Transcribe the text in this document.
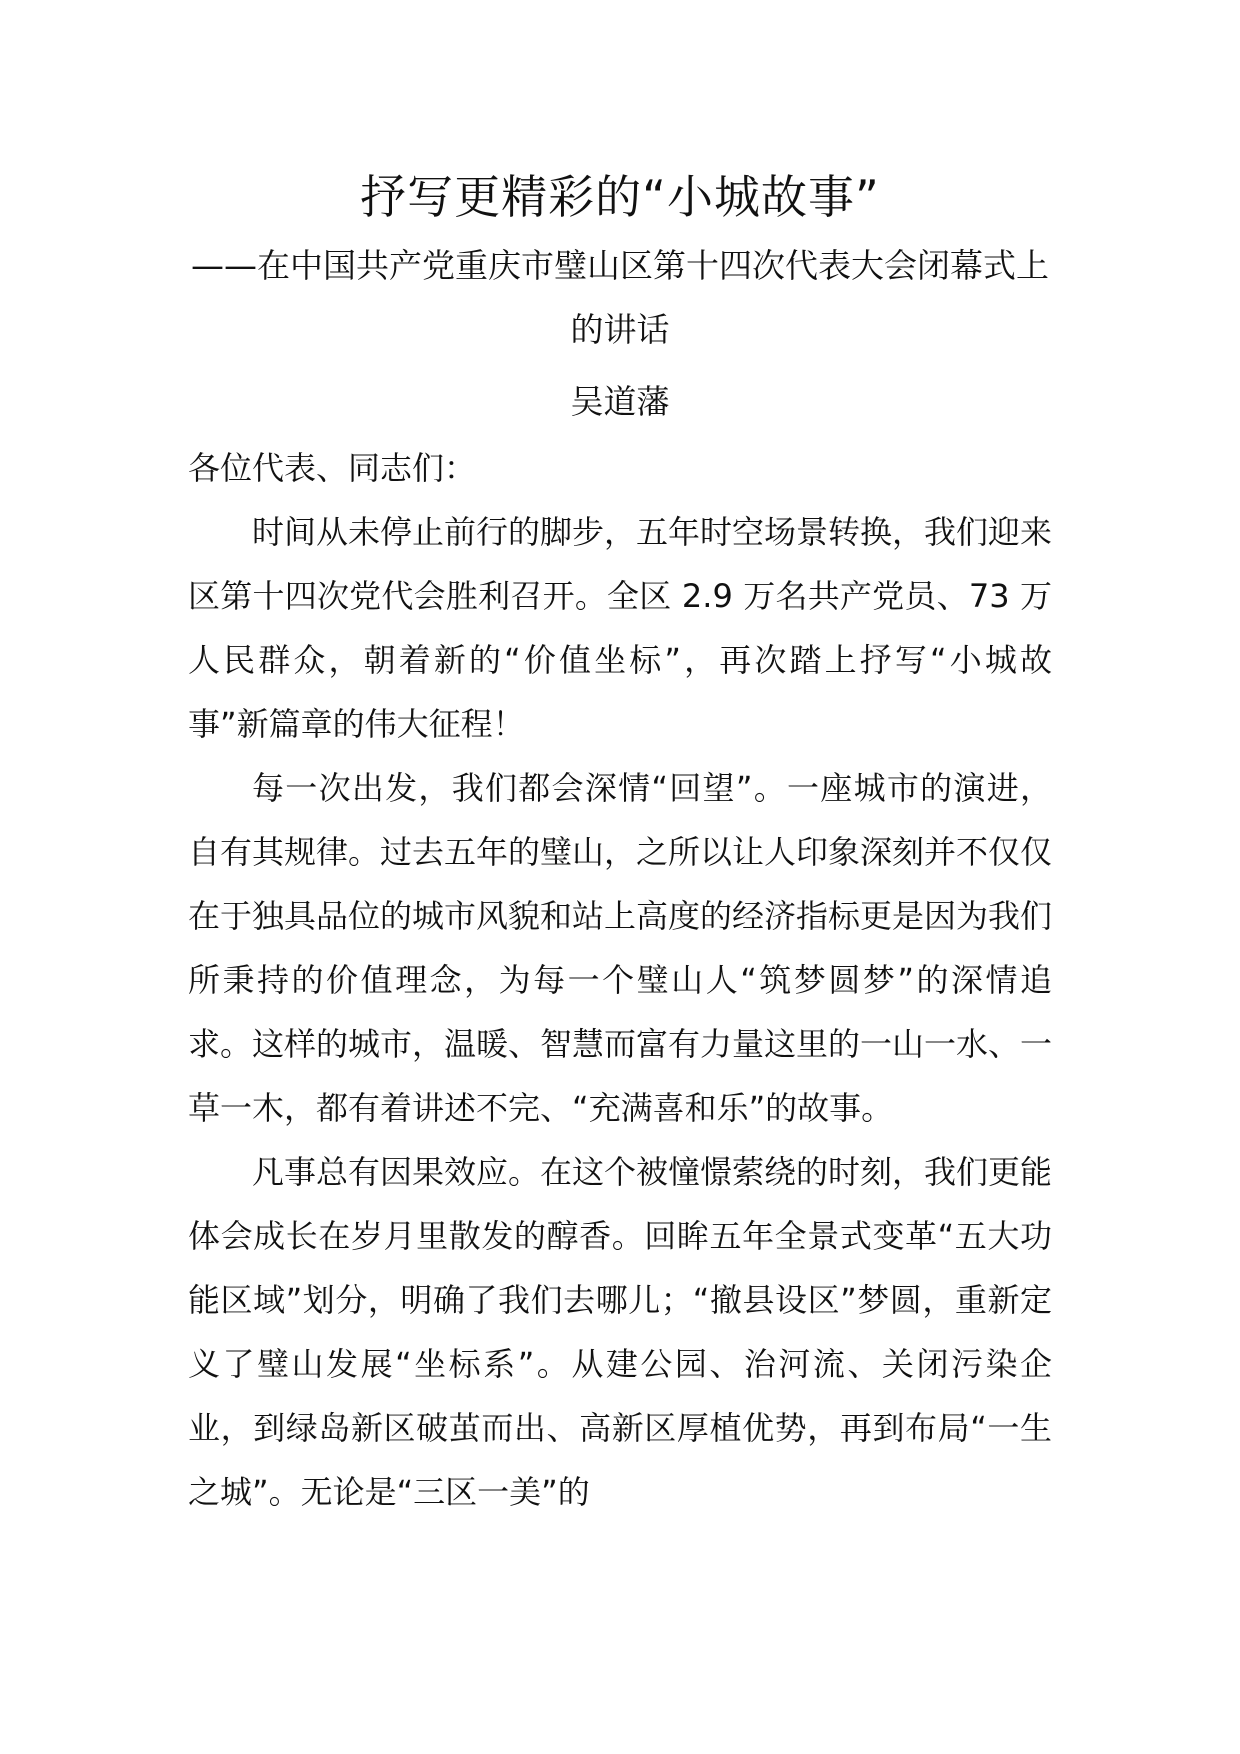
抒写更精彩的“小城故事”
——在中国共产党重庆市璧山区第十四次代表大会闭幕式上的讲话
吴道藩

各位代表、同志们：

时间从未停止前行的脚步，五年时空场景转换，我们迎来区第十四次党代会胜利召开。全区 2.9 万名共产党员、73 万人民群众，朝着新的“价值坐标”，再次踏上抒写“小城故事”新篇章的伟大征程！

每一次出发，我们都会深情“回望”。一座城市的演进，自有其规律。过去五年的璧山，之所以让人印象深刻并不仅仅在于独具品位的城市风貌和站上高度的经济指标更是因为我们所秉持的价值理念，为每一个璧山人“筑梦圆梦”的深情追求。这样的城市，温暖、智慧而富有力量这里的一山一水、一草一木，都有着讲述不完、“充满喜和乐”的故事。

凡事总有因果效应。在这个被憧憬萦绕的时刻，我们更能体会成长在岁月里散发的醇香。回眸五年全景式变革“五大功能区域”划分，明确了我们去哪儿；“撤县设区”梦圆，重新定义了璧山发展“坐标系”。从建公园、治河流、关闭污染企业，到绿岛新区破茧而出、高新区厚植优势，再到布局“一生之城”。无论是“三区一美”的
